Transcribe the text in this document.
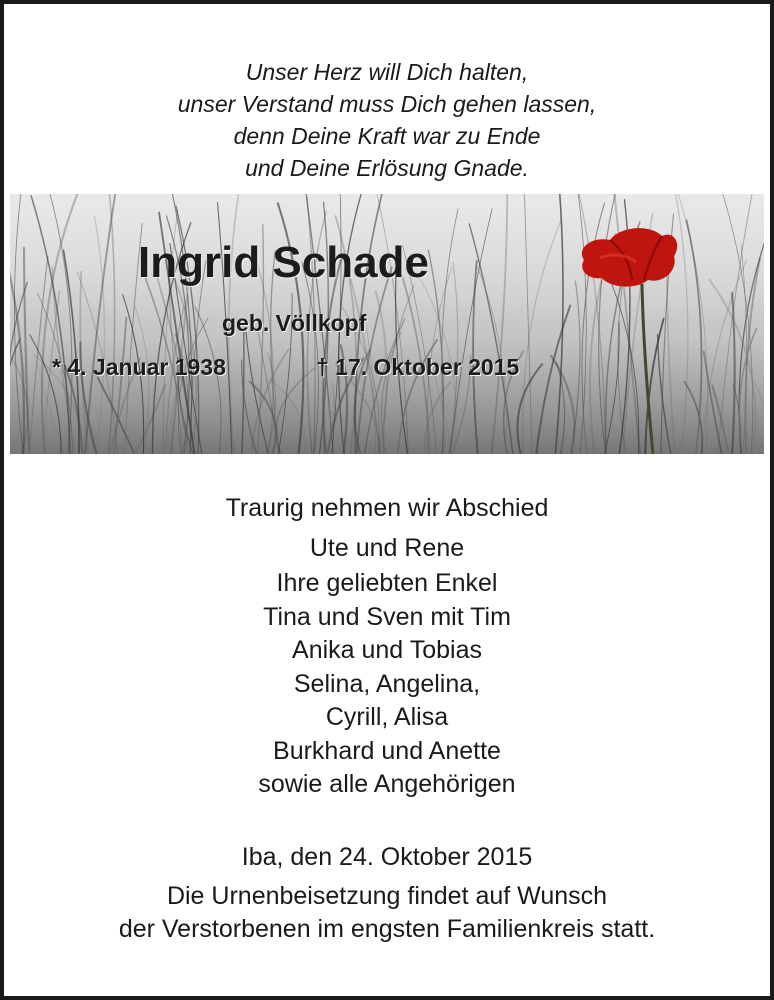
Unser Herz will Dich halten,
unser Verstand muss Dich gehen lassen,
denn Deine Kraft war zu Ende
und Deine Erlösung Gnade.
Ingrid Schade
geb. Völlkopf
* 4. Januar 1938	† 17. Oktober 2015
Traurig nehmen wir Abschied
Ute und Rene
Ihre geliebten Enkel
Tina und Sven mit Tim
Anika und Tobias
Selina, Angelina,
Cyrill, Alisa
Burkhard und Anette
sowie alle Angehörigen
Iba, den 24. Oktober 2015
Die Urnenbeisetzung findet auf Wunsch
der Verstorbenen im engsten Familienkreis statt.
